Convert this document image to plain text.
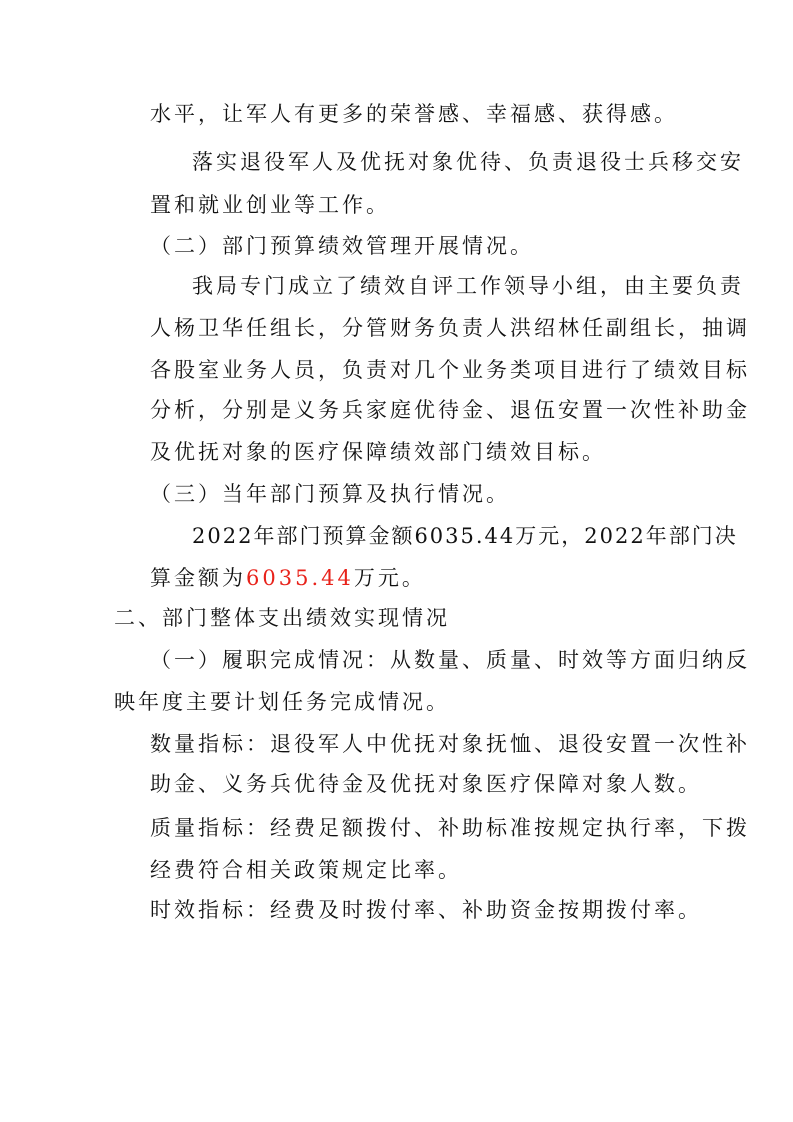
水平，让军人有更多的荣誉感、幸福感、获得感。
落实退役军人及优抚对象优待、负责退役士兵移交安
置和就业创业等工作。
（二）部门预算绩效管理开展情况。
我局专门成立了绩效自评工作领导小组，由主要负责
人杨卫华任组长，分管财务负责人洪绍林任副组长，抽调
各股室业务人员，负责对几个业务类项目进行了绩效目标
分析，分别是义务兵家庭优待金、退伍安置一次性补助金
及优抚对象的医疗保障绩效部门绩效目标。
（三）当年部门预算及执行情况。
2022年部门预算金额6035.44万元，2022年部门决
算金额为6035.44万元。
二、部门整体支出绩效实现情况
（一）履职完成情况：从数量、质量、时效等方面归纳反
映年度主要计划任务完成情况。
数量指标：退役军人中优抚对象抚恤、退役安置一次性补
助金、义务兵优待金及优抚对象医疗保障对象人数。
质量指标：经费足额拨付、补助标准按规定执行率，下拨
经费符合相关政策规定比率。
时效指标：经费及时拨付率、补助资金按期拨付率。
